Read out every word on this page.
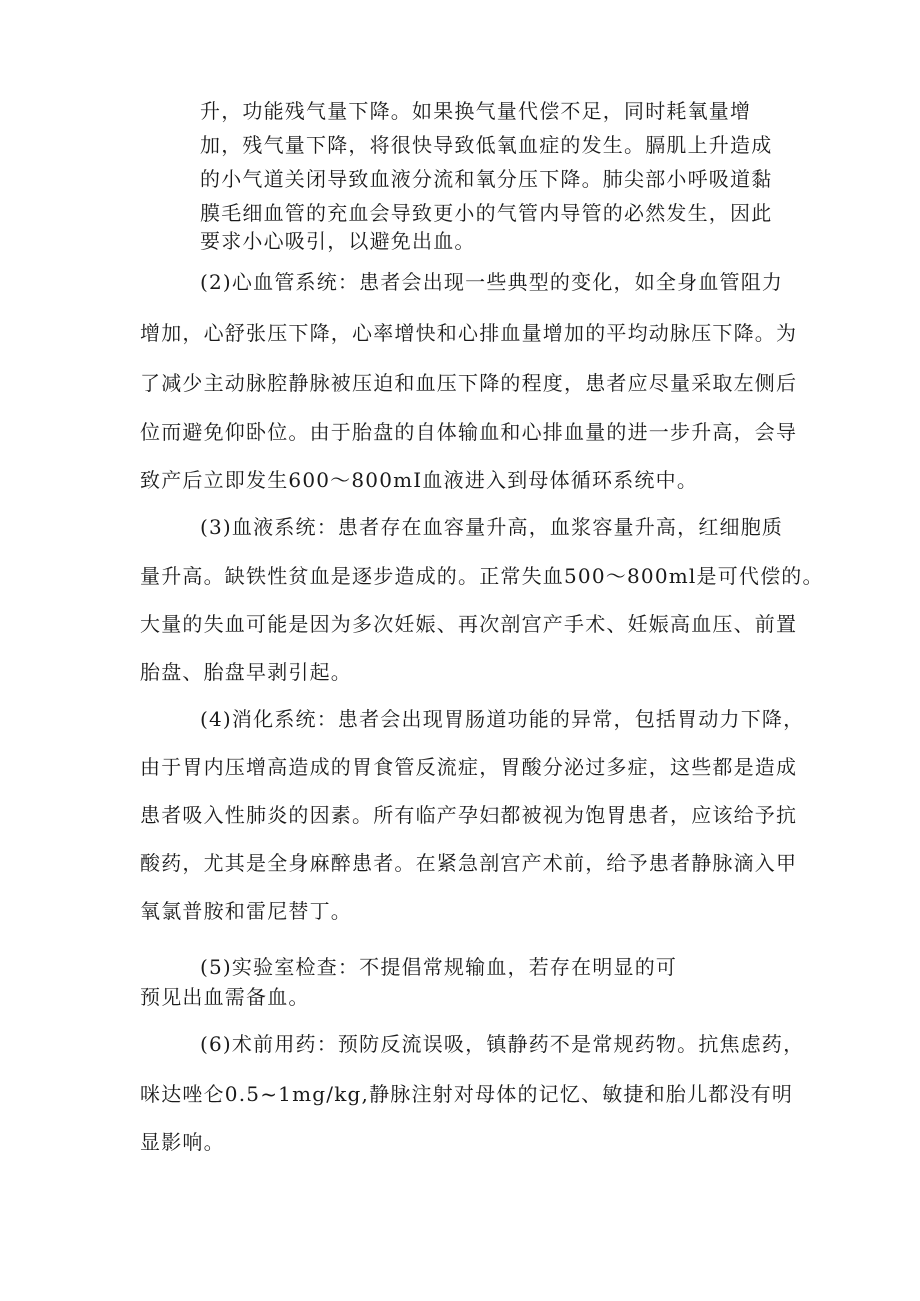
升，功能残气量下降。如果换气量代偿不足，同时耗氧量增

加，残气量下降，将很快导致低氧血症的发生。膈肌上升造成

的小气道关闭导致血液分流和氧分压下降。肺尖部小呼吸道黏

膜毛细血管的充血会导致更小的气管内导管的必然发生，因此

要求小心吸引，以避免出血。

(2)心血管系统：患者会出现一些典型的变化，如全身血管阻力

增加，心舒张压下降，心率增快和心排血量增加的平均动脉压下降。为

了减少主动脉腔静脉被压迫和血压下降的程度，患者应尽量采取左侧后

位而避免仰卧位。由于胎盘的自体输血和心排血量的进一步升高，会导

致产后立即发生600～800mI血液进入到母体循环系统中。

(3)血液系统：患者存在血容量升高，血浆容量升高，红细胞质

量升高。缺铁性贫血是逐步造成的。正常失血500～800ml是可代偿的。

大量的失血可能是因为多次妊娠、再次剖宫产手术、妊娠高血压、前置

胎盘、胎盘早剥引起。

(4)消化系统：患者会出现胃肠道功能的异常，包括胃动力下降，

由于胃内压增高造成的胃食管反流症，胃酸分泌过多症，这些都是造成

患者吸入性肺炎的因素。所有临产孕妇都被视为饱胃患者，应该给予抗

酸药，尤其是全身麻醉患者。在紧急剖宫产术前，给予患者静脉滴入甲

氧氯普胺和雷尼替丁。

(5)实验室检查：不提倡常规输血，若存在明显的可

预见出血需备血。

(6)术前用药：预防反流误吸，镇静药不是常规药物。抗焦虑药，

咪达唑仑0.5~1mg/kg,静脉注射对母体的记忆、敏捷和胎儿都没有明

显影响。
